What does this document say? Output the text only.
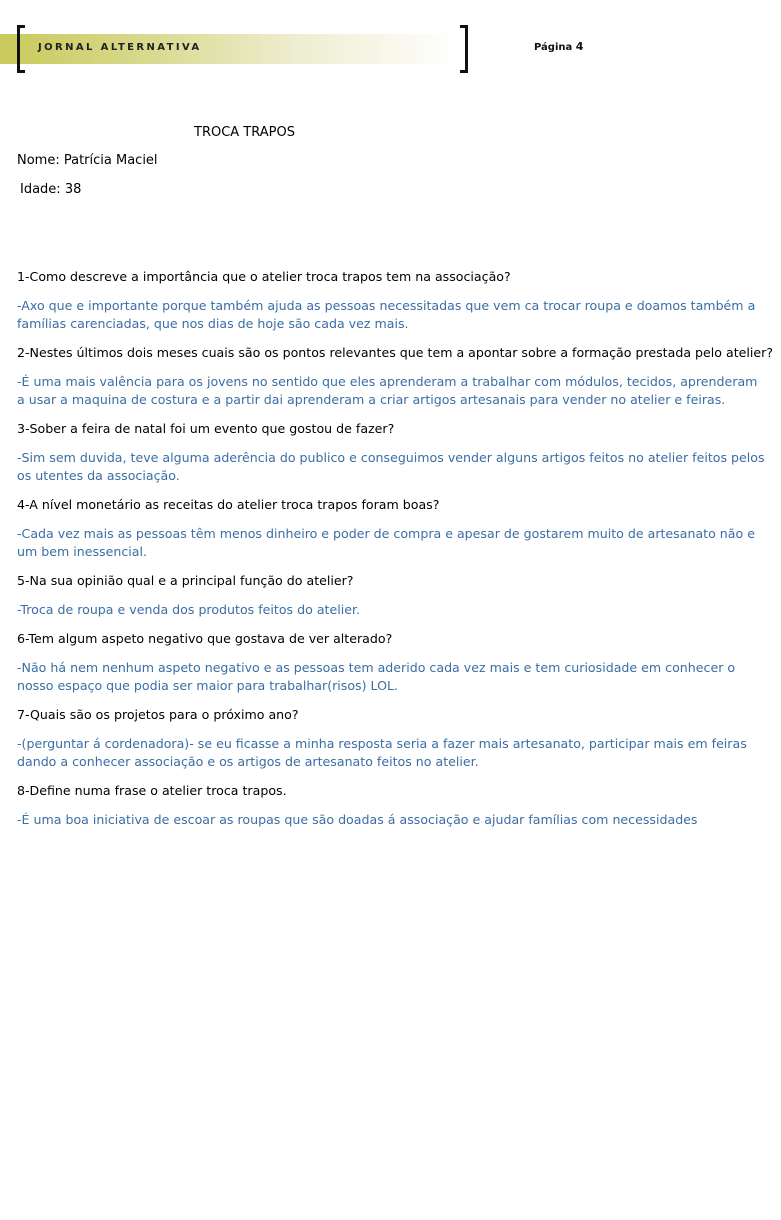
JORNAL ALTERNATIVA	Página 4
TROCA TRAPOS
Nome: Patrícia Maciel
Idade: 38

1-Como descreve a importância que o atelier troca trapos tem na associação?

-Axo que e importante porque também ajuda as pessoas necessitadas que vem ca trocar roupa e doamos também a famílias carenciadas, que nos dias de hoje são cada vez mais.

2-Nestes últimos dois meses cuais são os pontos relevantes que tem a apontar sobre a formação prestada pelo atelier?

-É uma mais valência para os jovens no sentido que eles aprenderam a trabalhar com módulos, tecidos, aprenderam a usar a maquina de costura e a partir dai aprenderam a criar artigos artesanais para vender no atelier e feiras.

3-Sober a feira de natal foi um evento que gostou de fazer?

-Sim sem duvida, teve alguma aderência do publico e conseguimos vender alguns artigos feitos no atelier feitos pelos os utentes da associação.

4-A nível monetário as receitas do atelier troca trapos foram boas?

-Cada vez mais as pessoas têm menos dinheiro e poder de compra e apesar de gostarem muito de artesanato não e um bem inessencial.

5-Na sua opinião qual e a principal função do atelier?

-Troca de roupa e venda dos produtos feitos do atelier.

6-Tem algum aspeto negativo que gostava de ver alterado?

-Não há nem nenhum aspeto negativo e as pessoas tem aderido cada vez mais e tem curiosidade em conhecer o nosso espaço que podia ser maior para trabalhar(risos) LOL.

7-Quais são os projetos para o próximo ano?

-(perguntar á cordenadora)- se eu ficasse a minha resposta seria a fazer mais artesanato, participar mais em feiras dando a conhecer associação e os artigos de artesanato feitos no atelier.

8-Define numa frase o atelier troca trapos.

-É uma boa iniciativa de escoar as roupas que são doadas á associação e ajudar famílias com necessidades
